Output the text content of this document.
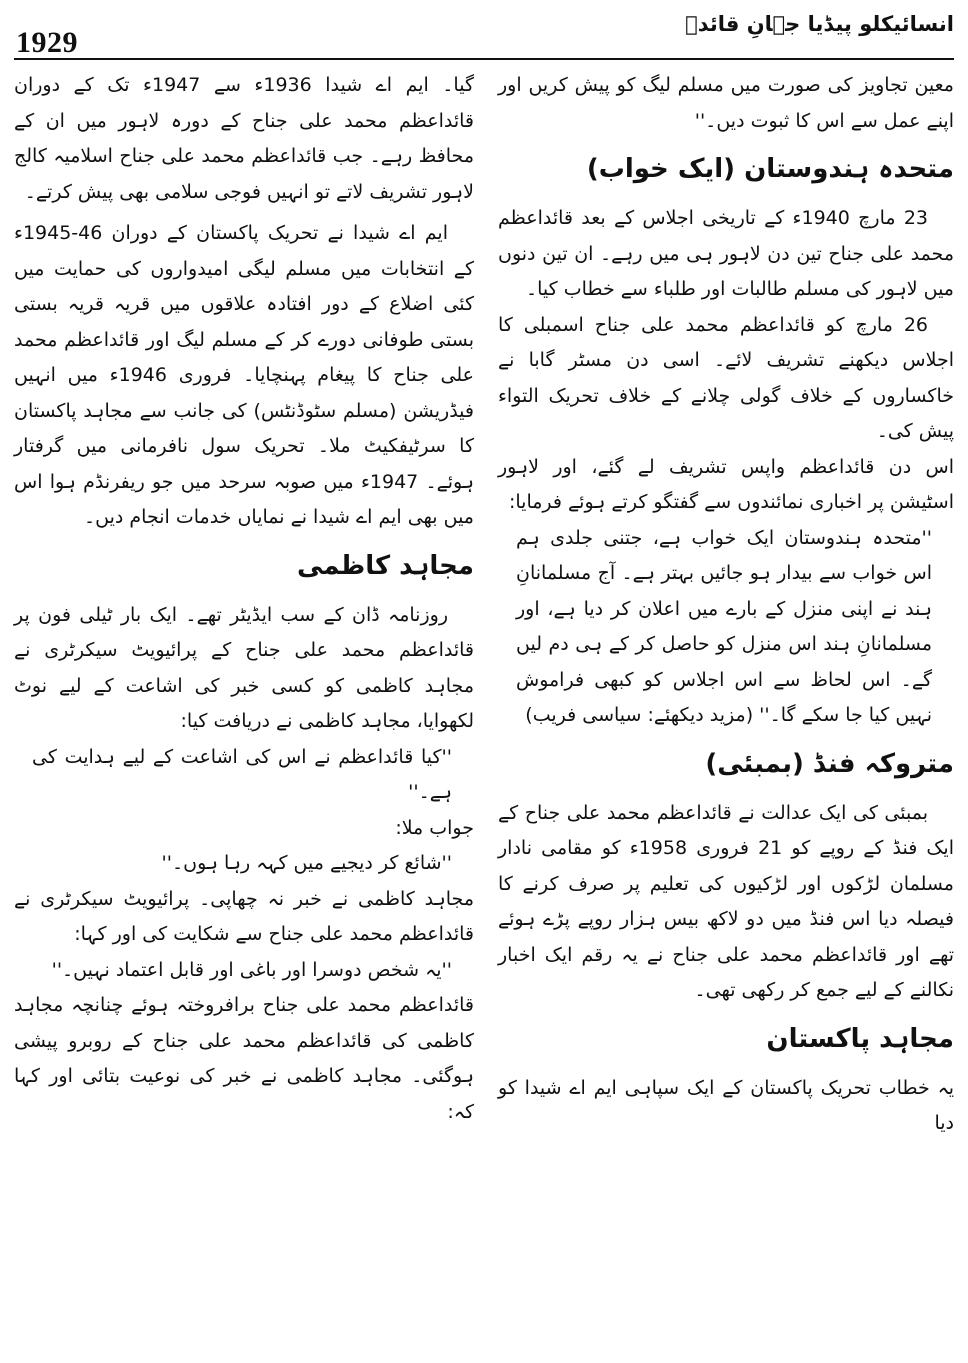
1929
انسائیکلو پیڈیا جہانِ قائدؒ

معین تجاویز کی صورت میں مسلم لیگ کو پیش کریں اور اپنے عمل سے اس کا ثبوت دیں۔''

متحدہ ہندوستان (ایک خواب)

23 مارچ 1940ء کے تاریخی اجلاس کے بعد قائداعظم محمد علی جناح تین دن لاہور ہی میں رہے۔ ان تین دنوں میں لاہور کی مسلم طالبات اور طلباء سے خطاب کیا۔

26 مارچ کو قائداعظم محمد علی جناح اسمبلی کا اجلاس دیکھنے تشریف لائے۔ اسی دن مسٹر گابا نے خاکساروں کے خلاف گولی چلانے کے خلاف تحریک التواء پیش کی۔

اس دن قائداعظم واپس تشریف لے گئے، اور لاہور اسٹیشن پر اخباری نمائندوں سے گفتگو کرتے ہوئے فرمایا:

''متحدہ ہندوستان ایک خواب ہے، جتنی جلدی ہم اس خواب سے بیدار ہو جائیں بہتر ہے۔ آج مسلمانانِ ہند نے اپنی منزل کے بارے میں اعلان کر دیا ہے، اور مسلمانانِ ہند اس منزل کو حاصل کر کے ہی دم لیں گے۔ اس لحاظ سے اس اجلاس کو کبھی فراموش نہیں کیا جا سکے گا۔'' (مزید دیکھئے: سیاسی فریب)

متروکہ فنڈ (بمبئی)

بمبئی کی ایک عدالت نے قائداعظم محمد علی جناح کے ایک فنڈ کے روپے کو 21 فروری 1958ء کو مقامی نادار مسلمان لڑکوں اور لڑکیوں کی تعلیم پر صرف کرنے کا فیصلہ دیا اس فنڈ میں دو لاکھ بیس ہزار روپے پڑے ہوئے تھے اور قائداعظم محمد علی جناح نے یہ رقم ایک اخبار نکالنے کے لیے جمع کر رکھی تھی۔

مجاہد پاکستان

یہ خطاب تحریک پاکستان کے ایک سپاہی ایم اے شیدا کو دیا

گیا۔ ایم اے شیدا 1936ء سے 1947ء تک کے دوران قائداعظم محمد علی جناح کے دورہ لاہور میں ان کے محافظ رہے۔ جب قائداعظم محمد علی جناح اسلامیہ کالج لاہور تشریف لاتے تو انہیں فوجی سلامی بھی پیش کرتے۔

ایم اے شیدا نے تحریک پاکستان کے دوران 46-1945ء کے انتخابات میں مسلم لیگی امیدواروں کی حمایت میں کئی اضلاع کے دور افتادہ علاقوں میں قریہ قریہ بستی بستی طوفانی دورے کر کے مسلم لیگ اور قائداعظم محمد علی جناح کا پیغام پہنچایا۔ فروری 1946ء میں انہیں فیڈریشن (مسلم سٹوڈنٹس) کی جانب سے مجاہد پاکستان کا سرٹیفکیٹ ملا۔ تحریک سول نافرمانی میں گرفتار ہوئے۔ 1947ء میں صوبہ سرحد میں جو ریفرنڈم ہوا اس میں بھی ایم اے شیدا نے نمایاں خدمات انجام دیں۔

مجاہد کاظمی

روزنامہ ڈان کے سب ایڈیٹر تھے۔ ایک بار ٹیلی فون پر قائداعظم محمد علی جناح کے پرائیویٹ سیکرٹری نے مجاہد کاظمی کو کسی خبر کی اشاعت کے لیے نوٹ لکھوایا، مجاہد کاظمی نے دریافت کیا:

''کیا قائداعظم نے اس کی اشاعت کے لیے ہدایت کی ہے۔''

جواب ملا:

''شائع کر دیجیے میں کہہ رہا ہوں۔''

مجاہد کاظمی نے خبر نہ چھاپی۔ پرائیویٹ سیکرٹری نے قائداعظم محمد علی جناح سے شکایت کی اور کہا:

''یہ شخص دوسرا اور باغی اور قابل اعتماد نہیں۔''

قائداعظم محمد علی جناح برافروختہ ہوئے چنانچہ مجاہد کاظمی کی قائداعظم محمد علی جناح کے روبرو پیشی ہوگئی۔ مجاہد کاظمی نے خبر کی نوعیت بتائی اور کہا کہ:
